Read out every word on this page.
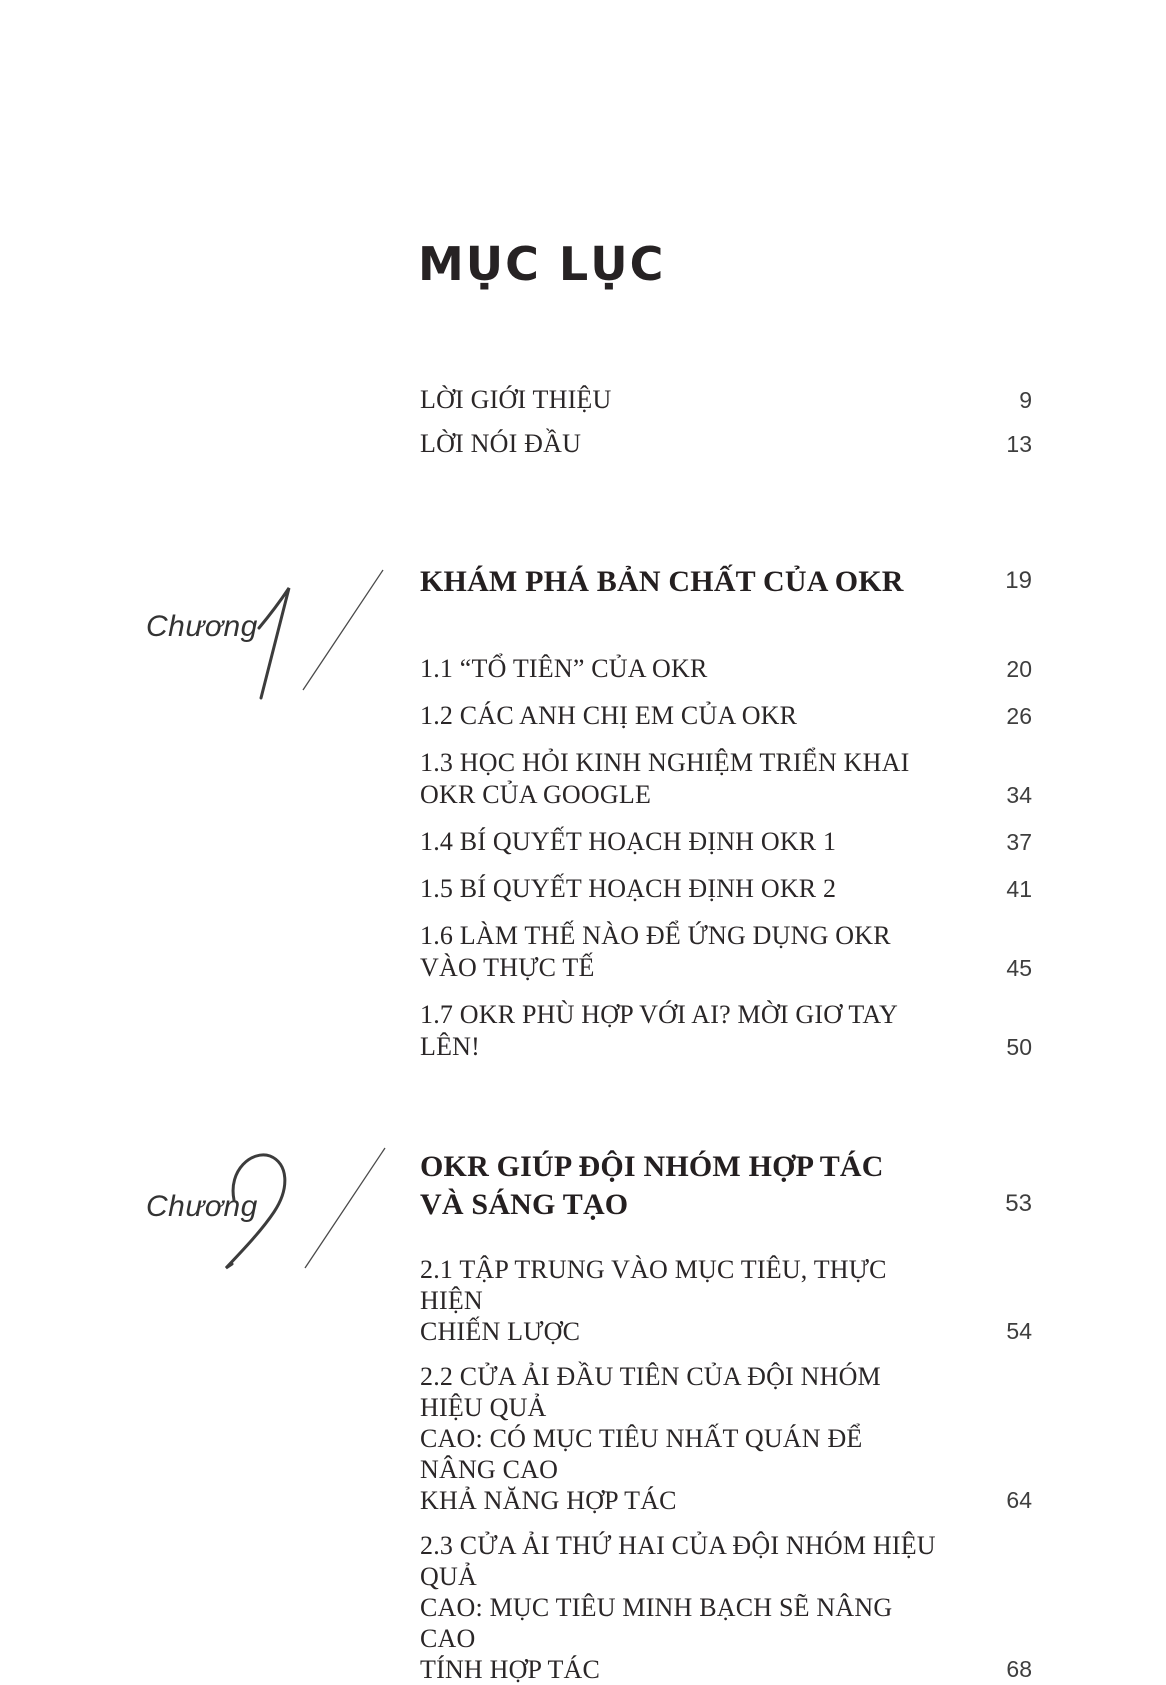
MỤC LỤC
LỜI GIỚI THIỆU	9
LỜI NÓI ĐẦU	13
Chương
KHÁM PHÁ BẢN CHẤT CỦA OKR	19
1.1 “TỔ TIÊN” CỦA OKR	20
1.2 CÁC ANH CHỊ EM CỦA OKR	26
1.3 HỌC HỎI KINH NGHIỆM TRIỂN KHAI
OKR CỦA GOOGLE	34
1.4 BÍ QUYẾT HOẠCH ĐỊNH OKR 1	37
1.5 BÍ QUYẾT HOẠCH ĐỊNH OKR 2	41
1.6 LÀM THẾ NÀO ĐỂ ỨNG DỤNG OKR
VÀO THỰC TẾ	45
1.7 OKR PHÙ HỢP VỚI AI? MỜI GIƠ TAY LÊN!	50
Chương
OKR GIÚP ĐỘI NHÓM HỢP TÁC
VÀ SÁNG TẠO	53
2.1 TẬP TRUNG VÀO MỤC TIÊU, THỰC HIỆN
CHIẾN LƯỢC	54
2.2 CỬA ẢI ĐẦU TIÊN CỦA ĐỘI NHÓM HIỆU QUẢ
CAO: CÓ MỤC TIÊU NHẤT QUÁN ĐỂ NÂNG CAO
KHẢ NĂNG HỢP TÁC	64
2.3 CỬA ẢI THỨ HAI CỦA ĐỘI NHÓM HIỆU QUẢ
CAO: MỤC TIÊU MINH BẠCH SẼ NÂNG CAO
TÍNH HỢP TÁC	68
